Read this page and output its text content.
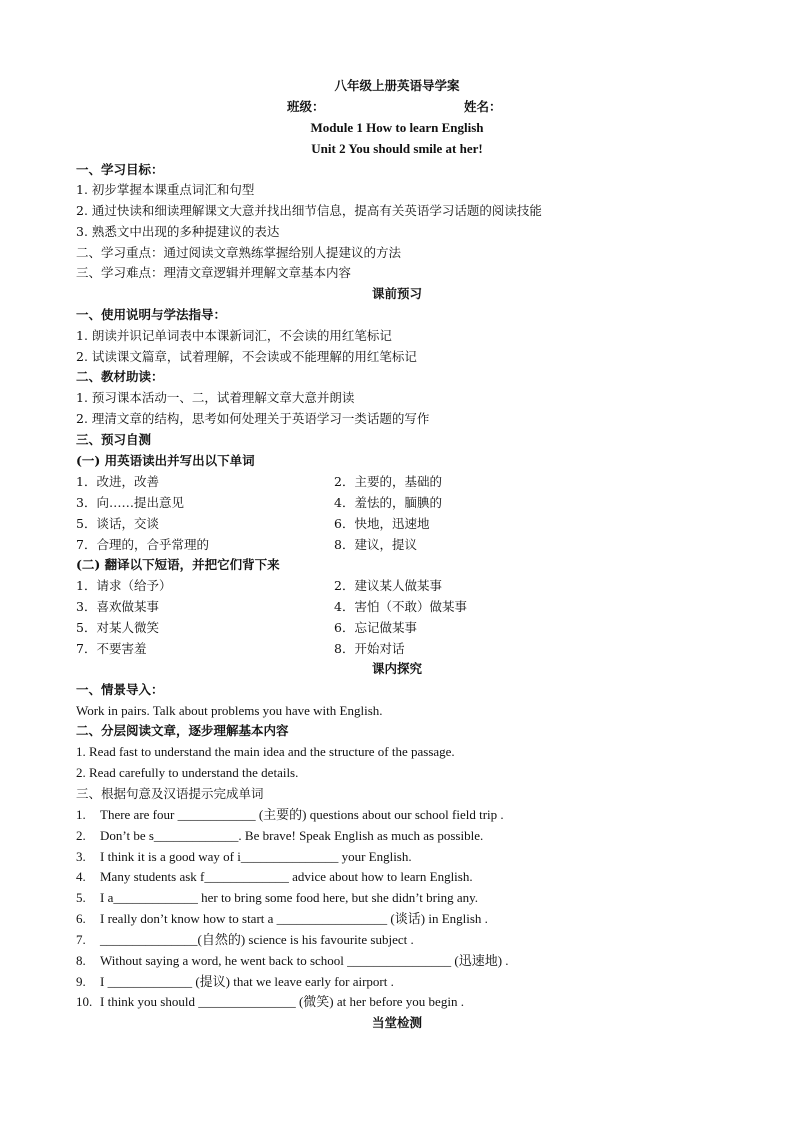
八年级上册英语导学案
班级：	姓名：
Module 1 How to learn English
Unit 2 You should smile at her!
一、学习目标：
1. 初步掌握本课重点词汇和句型
2. 通过快读和细读理解课文大意并找出细节信息，提高有关英语学习话题的阅读技能
3. 熟悉文中出现的多种提建议的表达
二、学习重点：通过阅读文章熟练掌握给别人提建议的方法
三、学习难点：理清文章逻辑并理解文章基本内容
课前预习
一、使用说明与学法指导：
1. 朗读并识记单词表中本课新词汇，不会读的用红笔标记
2. 试读课文篇章，试着理解，不会读或不能理解的用红笔标记
二、教材助读：
1. 预习课本活动一、二，试着理解文章大意并朗读
2. 理清文章的结构，思考如何处理关于英语学习一类话题的写作
三、预习自测
(一) 用英语读出并写出以下单词
1．改进，改善	2．主要的，基础的
3．向……提出意见	4．羞怯的，腼腆的
5．谈话，交谈	6．快地，迅速地
7．合理的，合乎常理的	8．建议，提议
(二) 翻译以下短语，并把它们背下来
1．请求（给予）	2．建议某人做某事
3．喜欢做某事	4．害怕（不敢）做某事
5．对某人微笑	6．忘记做某事
7．不要害羞	8．开始对话
课内探究
一、情景导入：
Work in pairs. Talk about problems you have with English.
二、分层阅读文章，逐步理解基本内容
1. Read fast to understand the main idea and the structure of the passage.
2. Read carefully to understand the details.
三、根据句意及汉语提示完成单词
1. There are four ____________ (主要的) questions about our school field trip .
2. Don’t be s_____________. Be brave! Speak English as much as possible.
3. I think it is a good way of i_______________ your English.
4. Many students ask f_____________ advice about how to learn English.
5. I a_____________ her to bring some food here, but she didn’t bring any.
6. I really don’t know how to start a _________________ (谈话) in English .
7. _______________(自然的) science is his favourite subject .
8. Without saying a word, he went back to school ________________ (迅速地) .
9. I _____________ (提议) that we leave early for airport .
10. I think you should _______________ (微笑) at her before you begin .
当堂检测
